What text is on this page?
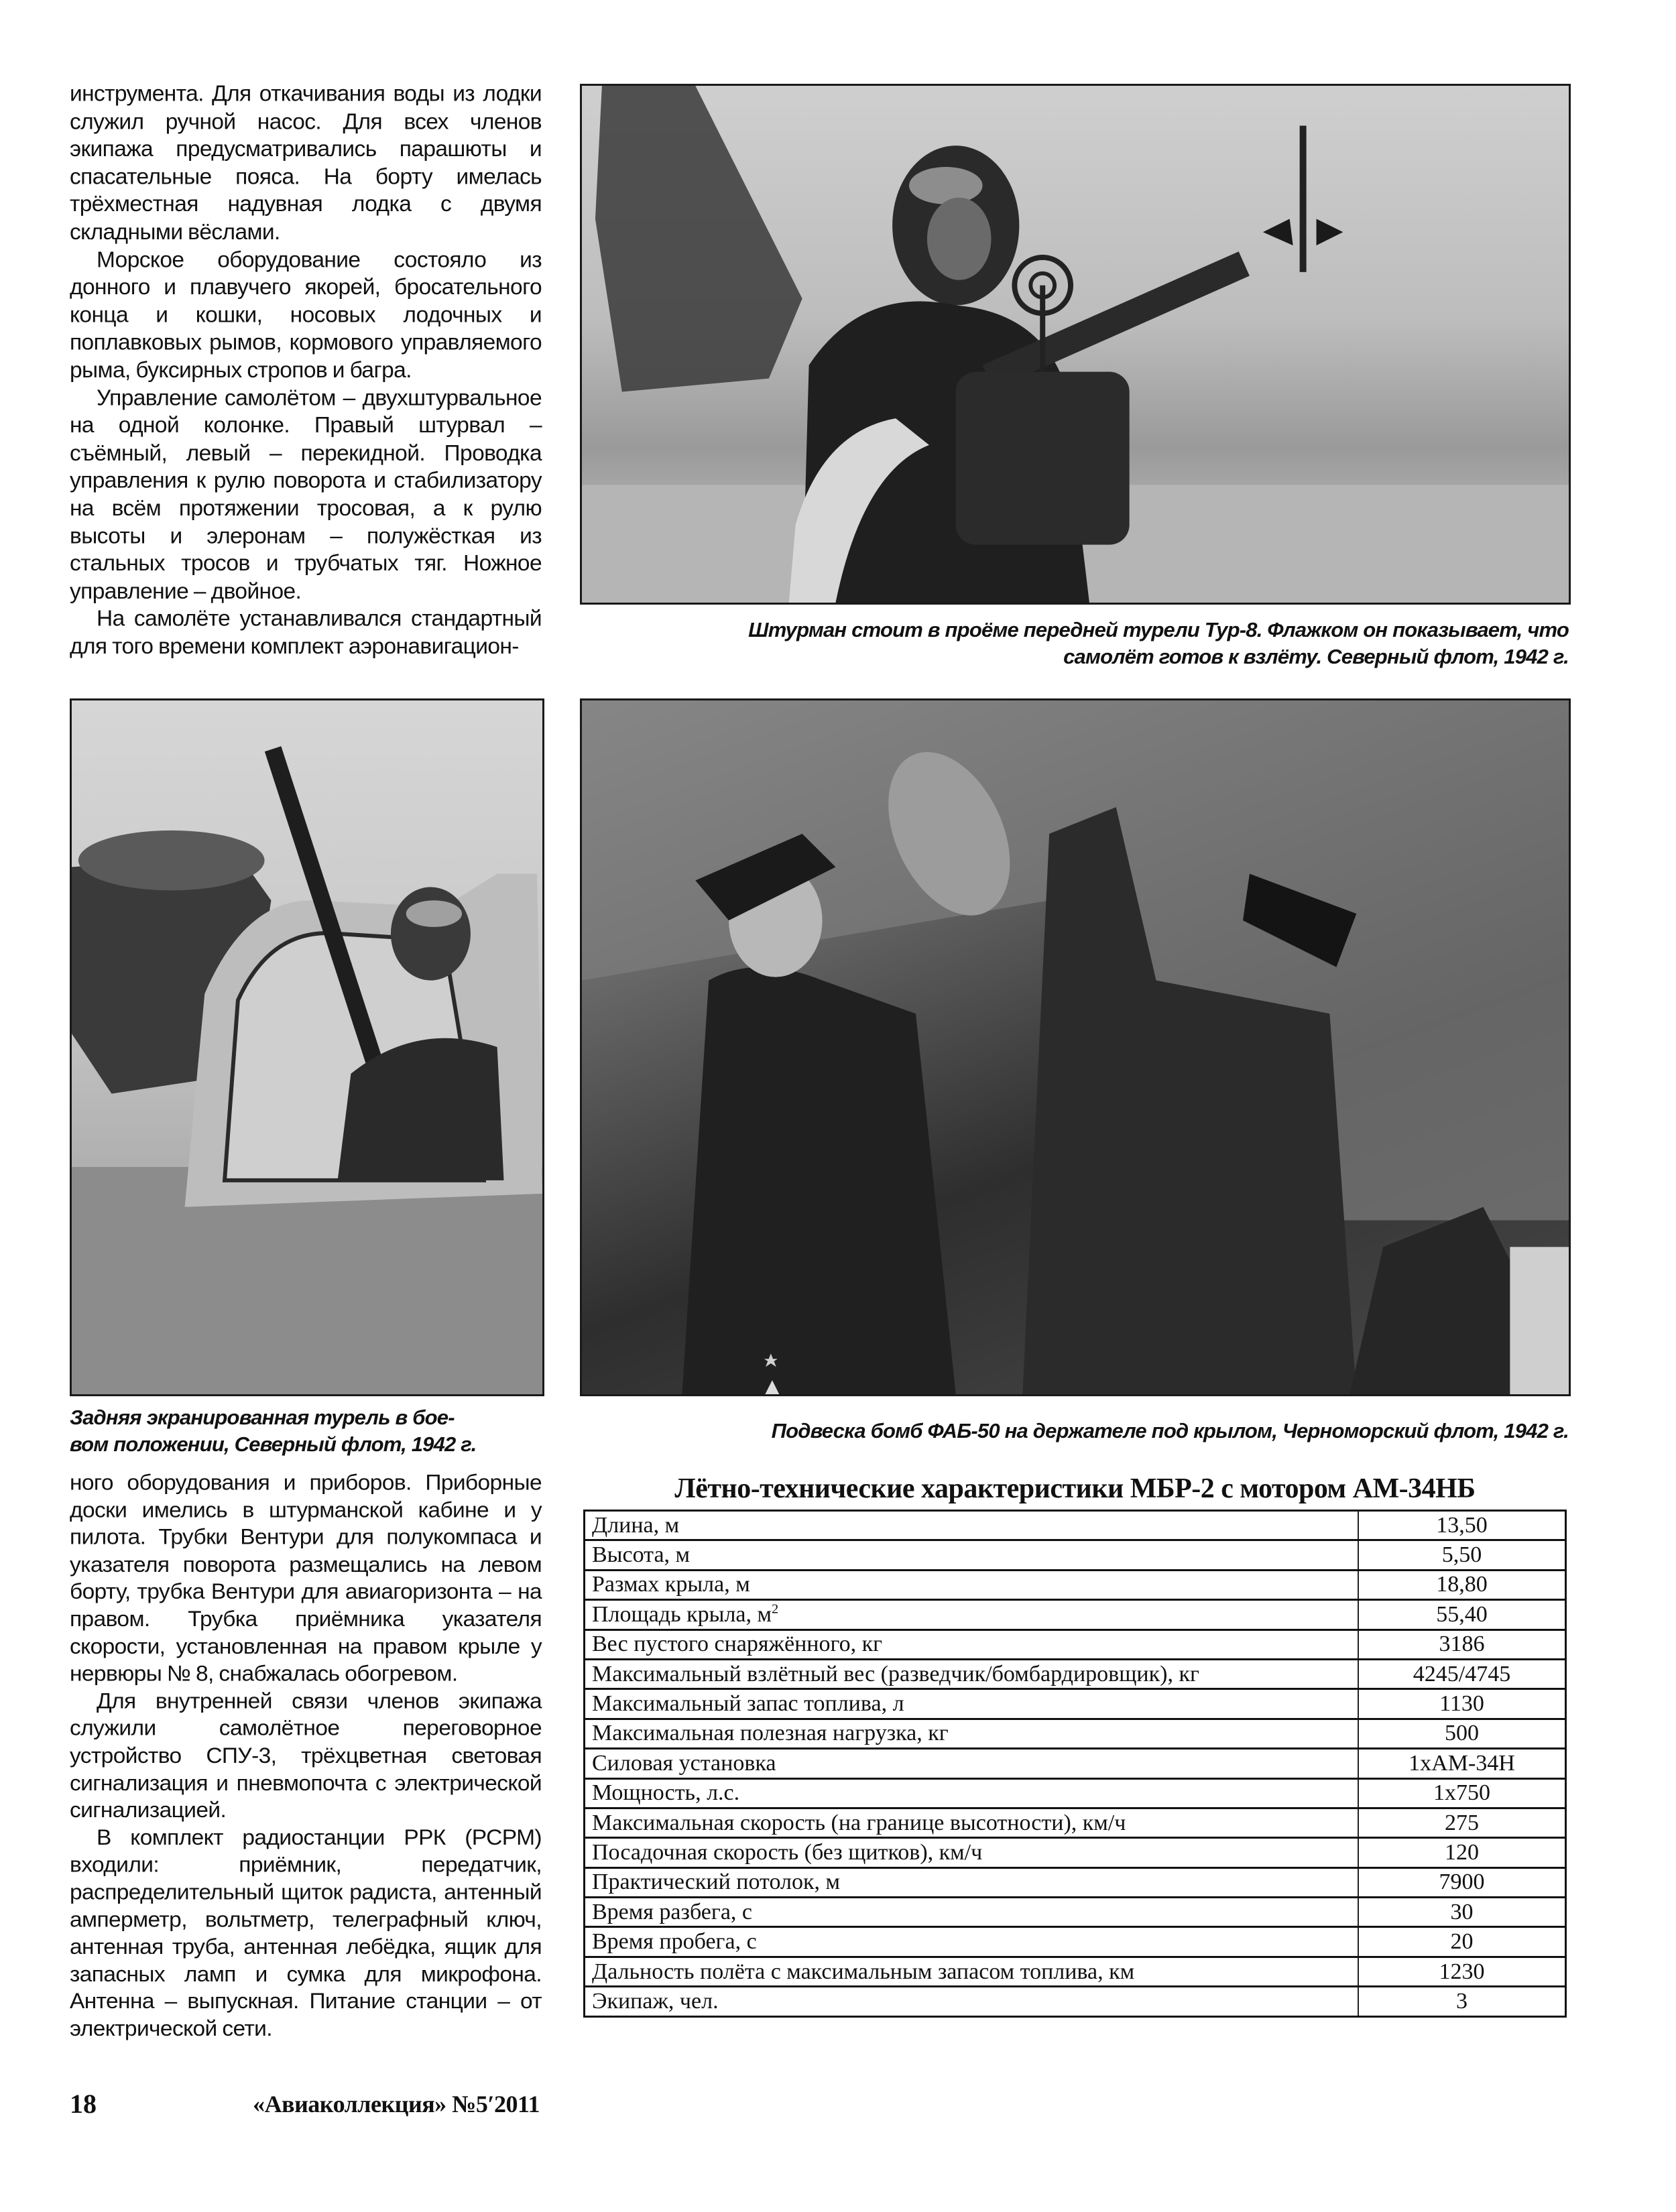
инструмента. Для откачивания воды из лодки служил ручной насос. Для всех членов экипажа предусматривались парашюты и спасательные пояса. На борту имелась трёхместная надувная лодка с двумя складными вёслами.

Морское оборудование состояло из донного и плавучего якорей, бросательного конца и кошки, носовых лодочных и поплавковых рымов, кормового управляемого рыма, буксирных стропов и багра.

Управление самолётом – двухштурвальное на одной колонке. Правый штурвал – съёмный, левый – перекидной. Проводка управления к рулю поворота и стабилизатору на всём протяжении тросовая, а к рулю высоты и элеронам – полужёсткая из стальных тросов и трубчатых тяг. Ножное управление – двойное.

На самолёте устанавливался стандартный для того времени комплект аэронавигацион-

Штурман стоит в проёме передней турели Тур-8. Флажком он показывает, что
самолёт готов к взлёту. Северный флот, 1942 г.
Задняя экранированная турель в бое-
вом положении, Северный флот, 1942 г.
Подвеска бомб ФАБ-50 на держателе под крылом, Черноморский флот, 1942 г.

ного оборудования и приборов. Приборные доски имелись в штурманской кабине и у пилота. Трубки Вентури для полукомпаса и указателя поворота размещались на левом борту, трубка Вентури для авиагоризонта – на правом. Трубка приёмника указателя скорости, установленная на правом крыле у нервюры № 8, снабжалась обогревом.

Для внутренней связи членов экипажа служили самолётное переговорное устройство СПУ-3, трёхцветная световая сигнализация и пневмопочта с электрической сигнализацией.

В комплект радиостанции РРК (РСРМ) входили: приёмник, передатчик, распределительный щиток радиста, антенный амперметр, вольтметр, телеграфный ключ, антенная труба, антенная лебёдка, ящик для запасных ламп и сумка для микрофона. Антенна – выпускная. Питание станции – от электрической сети.

Лётно-технические характеристики МБР-2 с мотором АМ-34НБ
Длина, м	13,50
Высота, м	5,50
Размах крыла, м	18,80
Площадь крыла, $м^2$	55,40
Вес пустого снаряжённого, кг	3186
Максимальный взлётный вес (разведчик/бомбардировщик), кг	4245/4745
Максимальный запас топлива, л	1130
Максимальная полезная нагрузка, кг	500
Силовая установка	1хАМ-34Н
Мощность, л.с.	1х750
Максимальная скорость (на границе высотности), км/ч	275
Посадочная скорость (без щитков), км/ч	120
Практический потолок, м	7900
Время разбега, с	30
Время пробега, с	20
Дальность полёта с максимальным запасом топлива, км	1230
Экипаж, чел.	3
18	«Авиаколлекция» №5′2011
